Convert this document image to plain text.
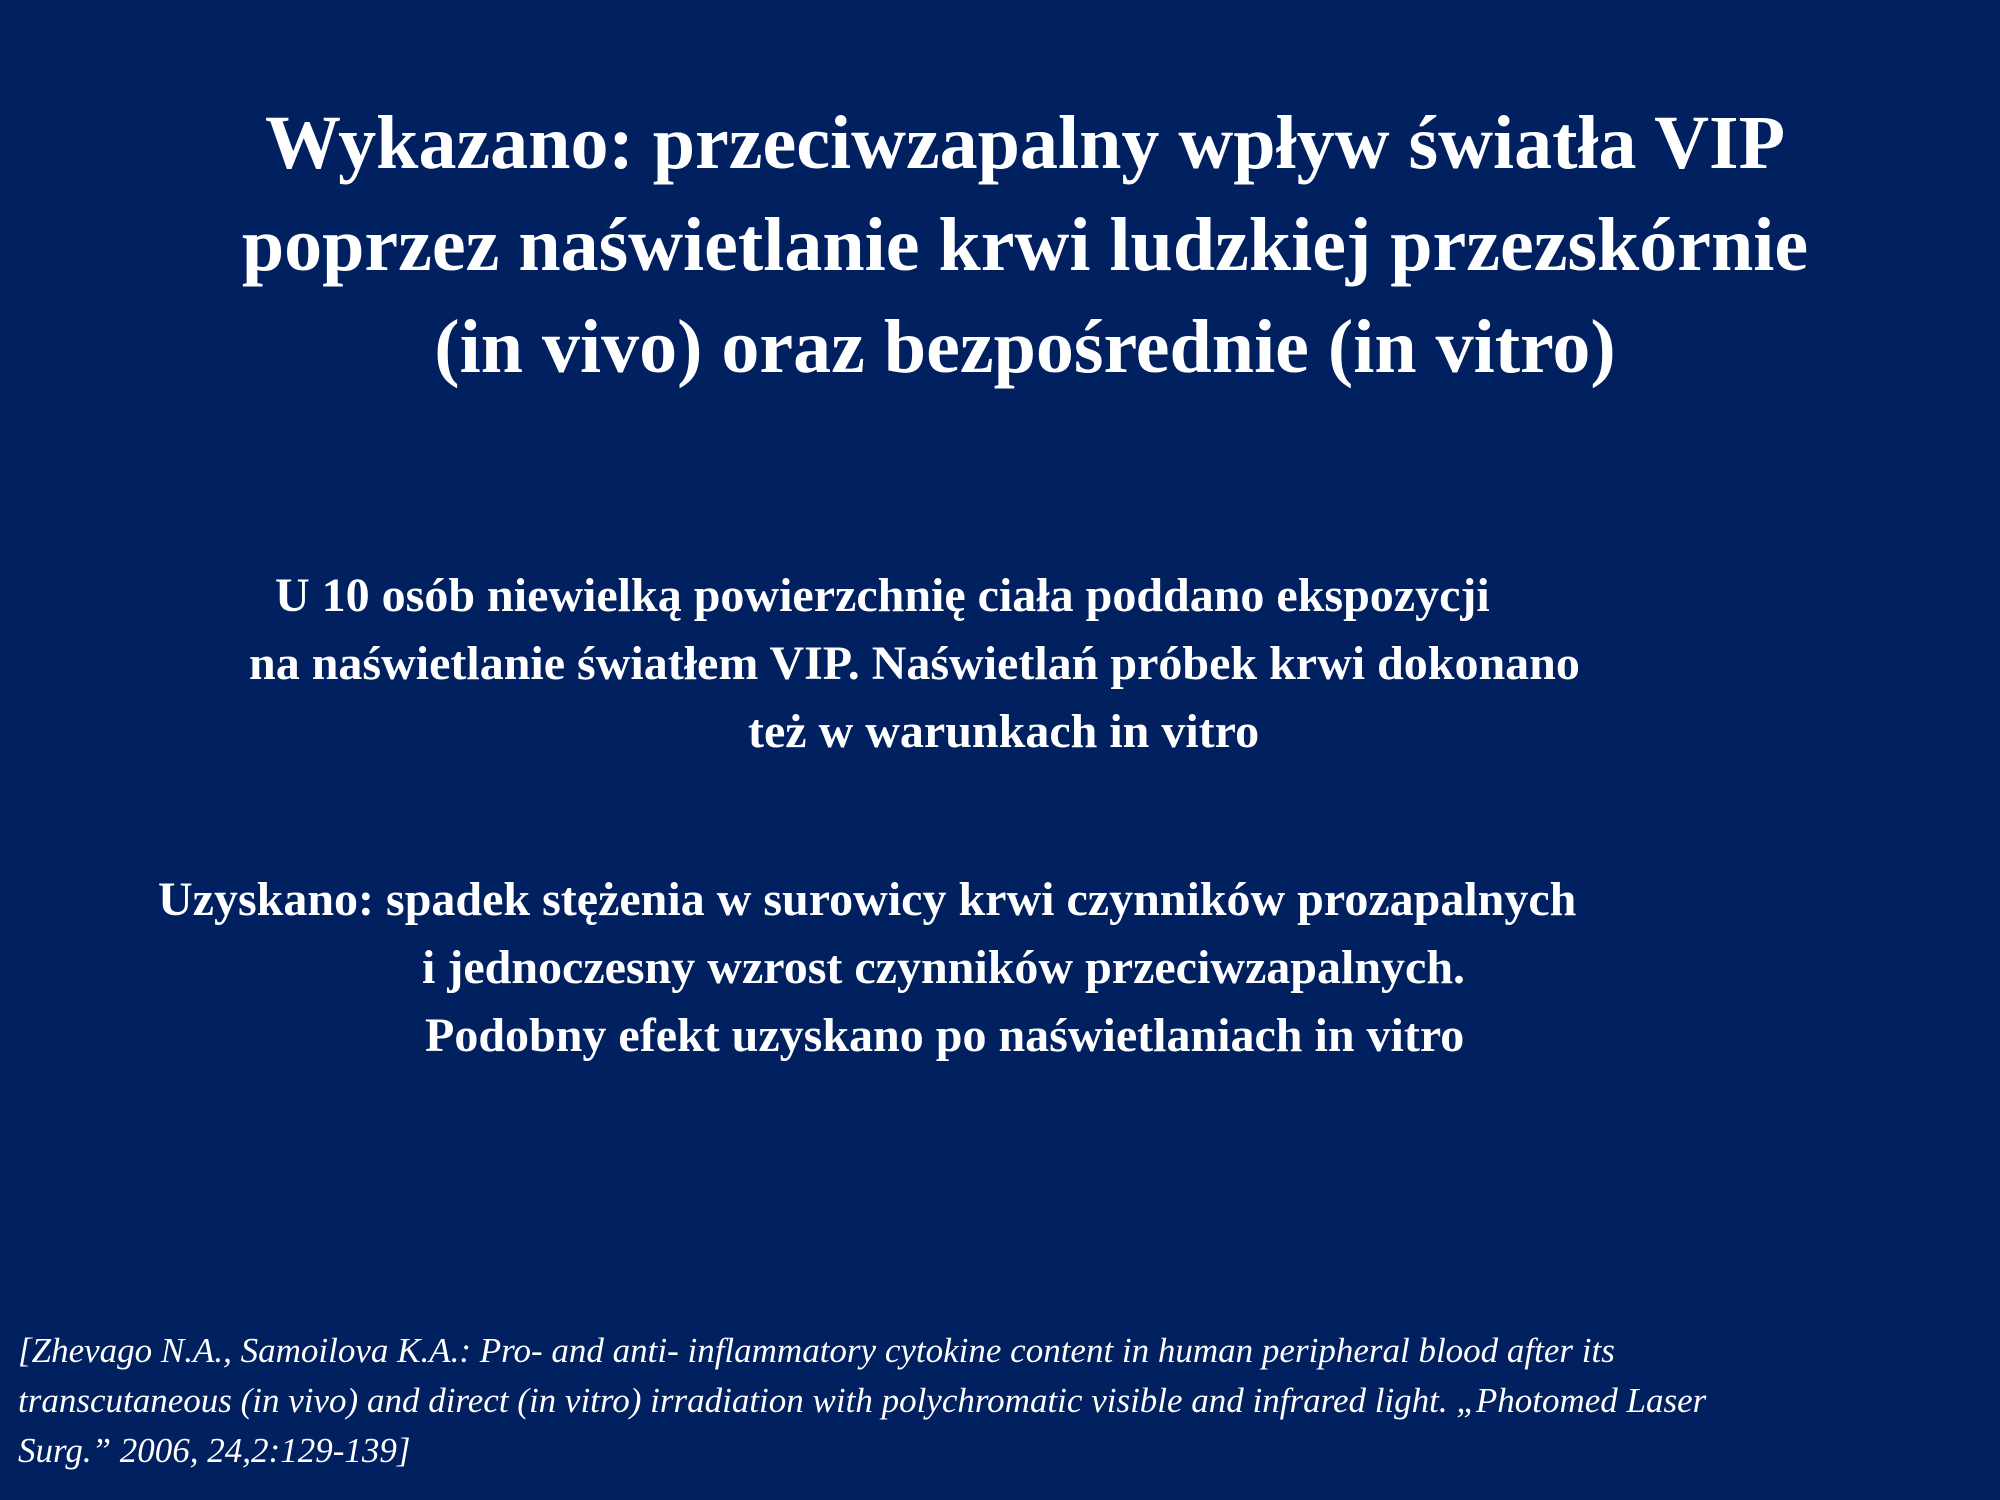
Wykazano: przeciwzapalny wpływ światła VIP
poprzez naświetlanie krwi ludzkiej przezskórnie
(in vivo) oraz bezpośrednie (in vitro)
U 10 osób niewielką powierzchnię ciała poddano ekspozycji
na naświetlanie światłem VIP. Naświetlań próbek krwi dokonano
też w warunkach in vitro
Uzyskano: spadek stężenia w surowicy krwi czynników prozapalnych
i jednoczesny wzrost czynników przeciwzapalnych.
Podobny efekt uzyskano po naświetlaniach in vitro
[Zhevago N.A., Samoilova K.A.: Pro- and anti- inflammatory cytokine content in human peripheral blood after its
transcutaneous (in vivo) and direct (in vitro) irradiation with polychromatic visible and infrared light. „Photomed Laser
Surg.” 2006, 24,2:129-139]
